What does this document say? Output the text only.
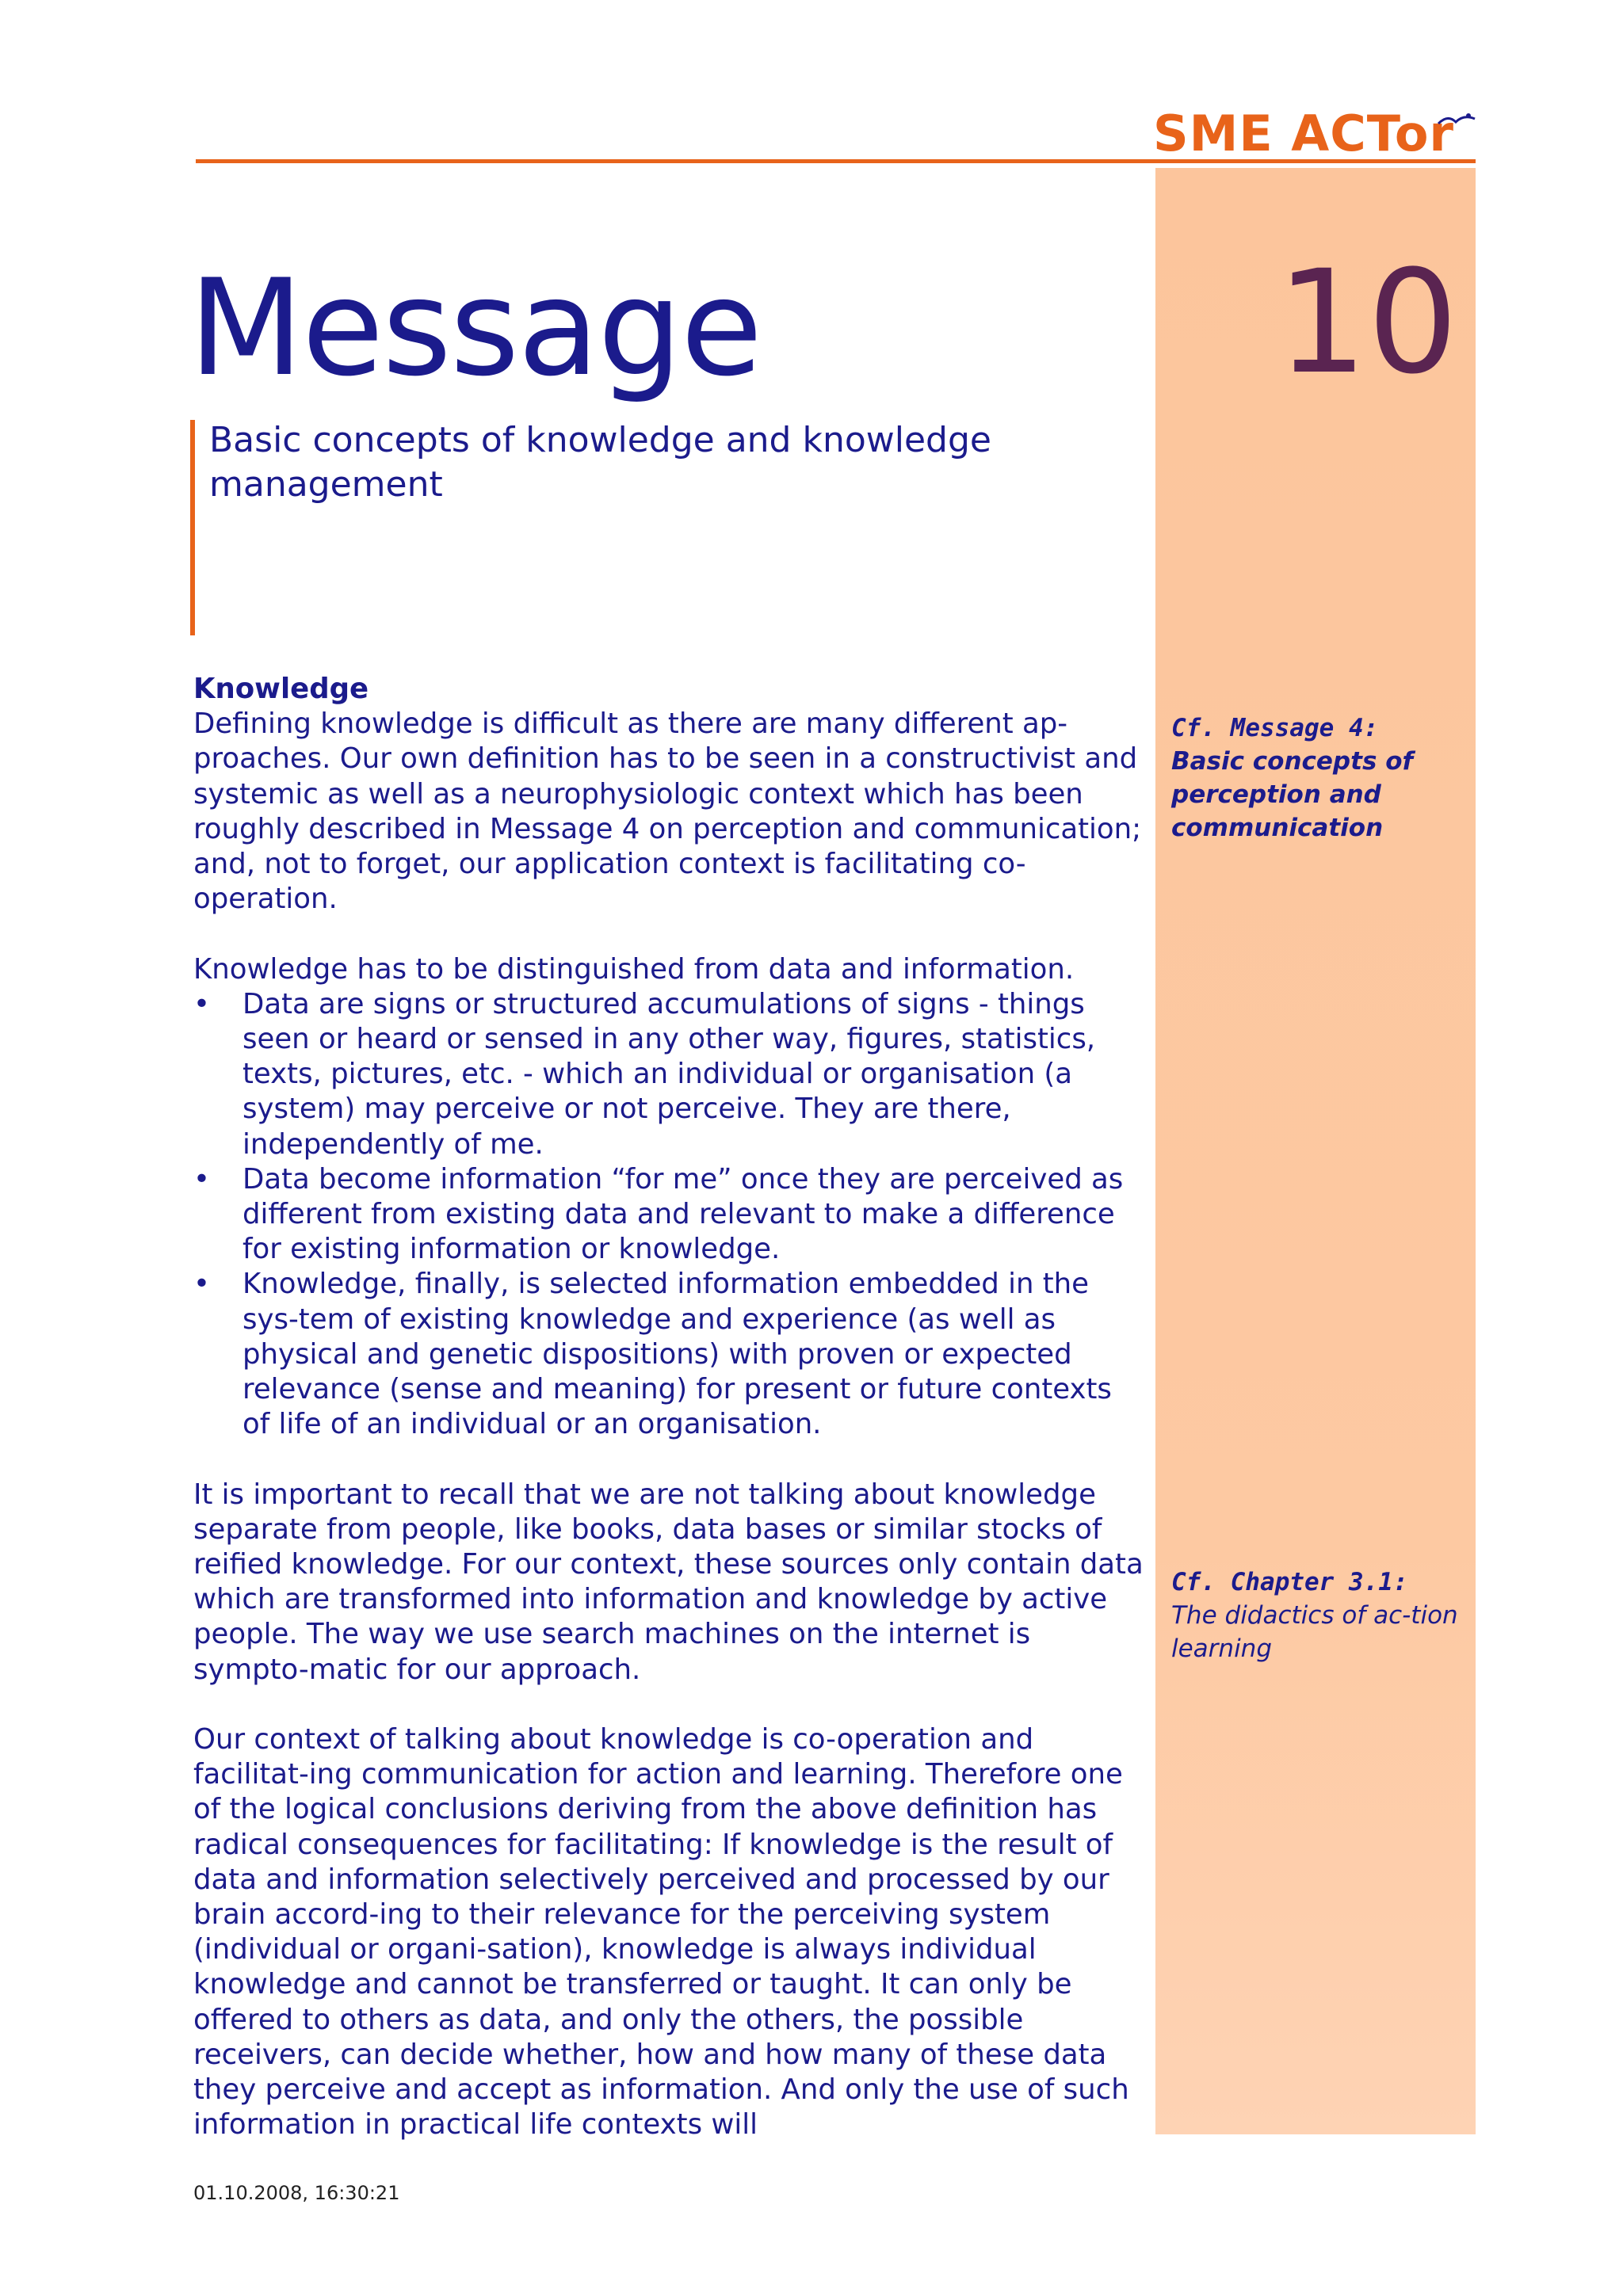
SME ACTor
Message	10
Basic concepts of knowledge and knowledge management

Knowledge

Defining knowledge is difficult as there are many different ap-proaches. Our own definition has to be seen in a constructivist and systemic as well as a neurophysiologic context which has been roughly described in Message 4 on perception and communication; and, not to forget, our application context is facilitating co-operation.

Knowledge has to be distinguished from data and information.

• Data are signs or structured accumulations of signs - things seen or heard or sensed in any other way, figures, statistics, texts, pictures, etc. - which an individual or organisation (a system) may perceive or not perceive. They are there, independently of me.
• Data become information “for me” once they are perceived as different from existing data and relevant to make a difference for existing information or knowledge.
• Knowledge, finally, is selected information embedded in the sys-tem of existing knowledge and experience (as well as physical and genetic dispositions) with proven or expected relevance (sense and meaning) for present or future contexts of life of an individual or an organisation.

It is important to recall that we are not talking about knowledge separate from people, like books, data bases or similar stocks of reified knowledge. For our context, these sources only contain data which are transformed into information and knowledge by active people. The way we use search machines on the internet is sympto-matic for our approach.

Our context of talking about knowledge is co-operation and facilitat-ing communication for action and learning. Therefore one of the logical conclusions deriving from the above definition has radical consequences for facilitating: If knowledge is the result of data and information selectively perceived and processed by our brain accord-ing to their relevance for the perceiving system (individual or organi-sation), knowledge is always individual knowledge and cannot be transferred or taught. It can only be offered to others as data, and only the others, the possible receivers, can decide whether, how and how many of these data they perceive and accept as information. And only the use of such information in practical life contexts will

Cf. Message 4:
Basic concepts of perception and communication
Cf. Chapter 3.1:
The didactics of ac-tion learning
01.10.2008, 16:30:21
